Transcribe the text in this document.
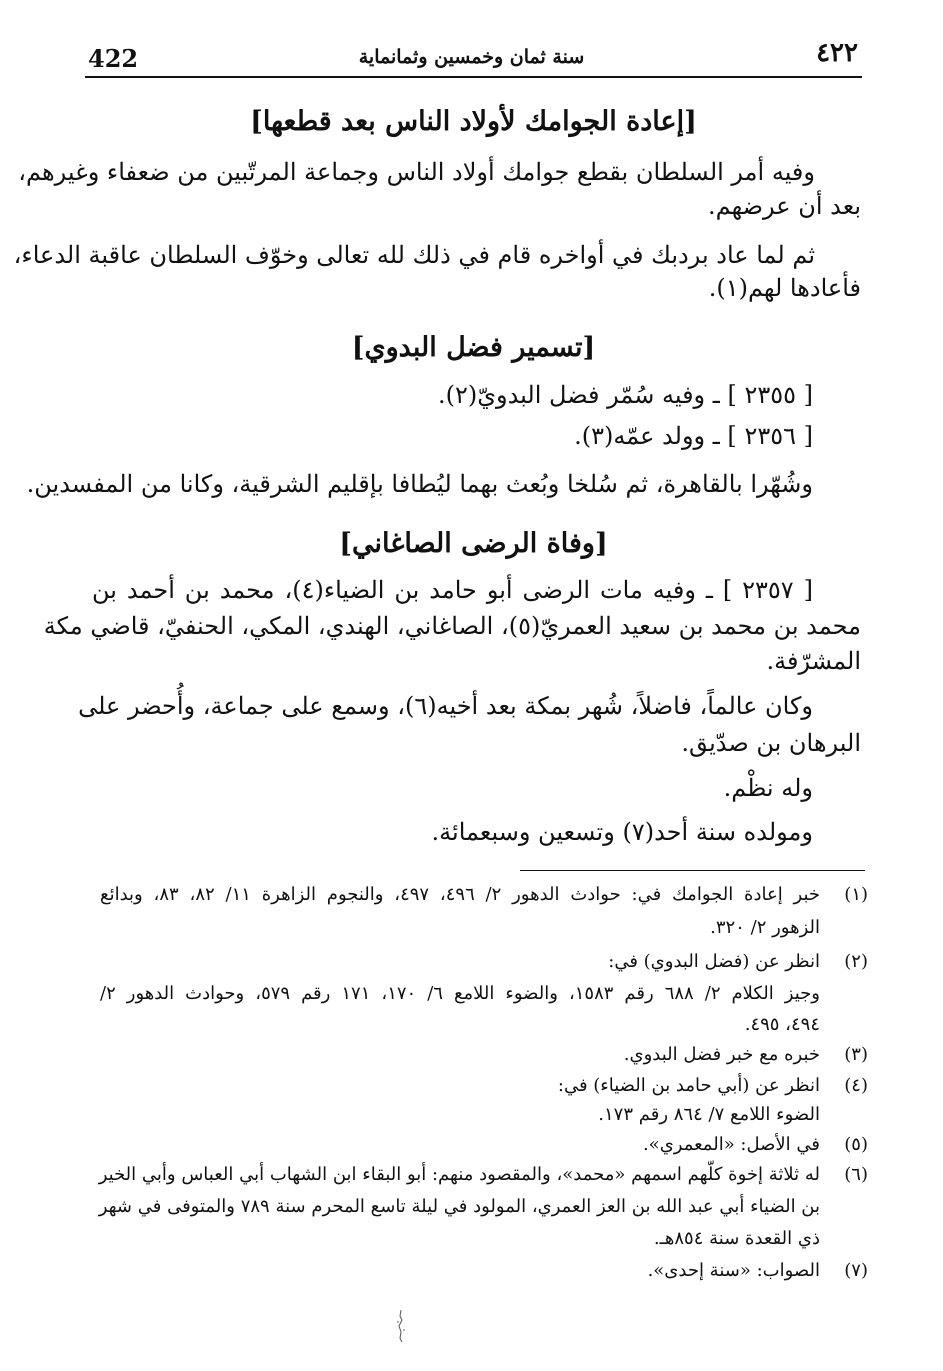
422	سنة ثمان وخمسين وثمانماية	٤٢٢
[إعادة الجوامك لأولاد الناس بعد قطعها]
وفيه أمر السلطان بقطع جوامك أولاد الناس وجماعة المرتّبين من ضعفاء وغيرهم،
بعد أن عرضهم.
ثم لما عاد بردبك في أواخره قام في ذلك لله تعالى وخوّف السلطان عاقبة الدعاء،
فأعادها لهم(١).
[تسمير فضل البدوي]
[ ٢٣٥٥ ] ـ وفيه سُمّر فضل البدويّ(٢).
[ ٢٣٥٦ ] ـ وولد عمّه(٣).
وشُهّرا بالقاهرة، ثم سُلخا وبُعث بهما ليُطافا بإقليم الشرقية، وكانا من المفسدين.
[وفاة الرضى الصاغاني]
[ ٢٣٥٧ ] ـ وفيه مات الرضى أبو حامد بن الضياء(٤)، محمد بن أحمد بن
محمد بن محمد بن سعيد العمريّ(٥)، الصاغاني، الهندي، المكي، الحنفيّ، قاضي مكة
المشرّفة.
وكان عالماً، فاضلاً، شُهر بمكة بعد أخيه(٦)، وسمع على جماعة، وأُحضر على
البرهان بن صدّيق.
وله نظْم.
ومولده سنة أحد(٧) وتسعين وسبعمائة.
(١)خبر إعادة الجوامك في: حوادث الدهور ٢/ ٤٩٦، ٤٩٧، والنجوم الزاهرة ١١/ ٨٢، ٨٣، وبدائع
الزهور ٢/ ٣٢٠.
(٢)انظر عن (فضل البدوي) في:
وجيز الكلام ٢/ ٦٨٨ رقم ١٥٨٣، والضوء اللامع ٦/ ١٧٠، ١٧١ رقم ٥٧٩، وحوادث الدهور ٢/
٤٩٤، ٤٩٥.
(٣)خبره مع خبر فضل البدوي.
(٤)انظر عن (أبي حامد بن الضياء) في:
الضوء اللامع ٧/ ٨٦٤ رقم ١٧٣.
(٥)في الأصل: «المعمري».
(٦)له ثلاثة إخوة كلّهم اسمهم «محمد»، والمقصود منهم: أبو البقاء ابن الشهاب أبي العباس وأبي الخير
بن الضياء أبي عبد الله بن العز العمري، المولود في ليلة تاسع المحرم سنة ٧٨٩ والمتوفى في شهر
ذي القعدة سنة ٨٥٤هـ.
(٧)الصواب: «سنة إحدى».
